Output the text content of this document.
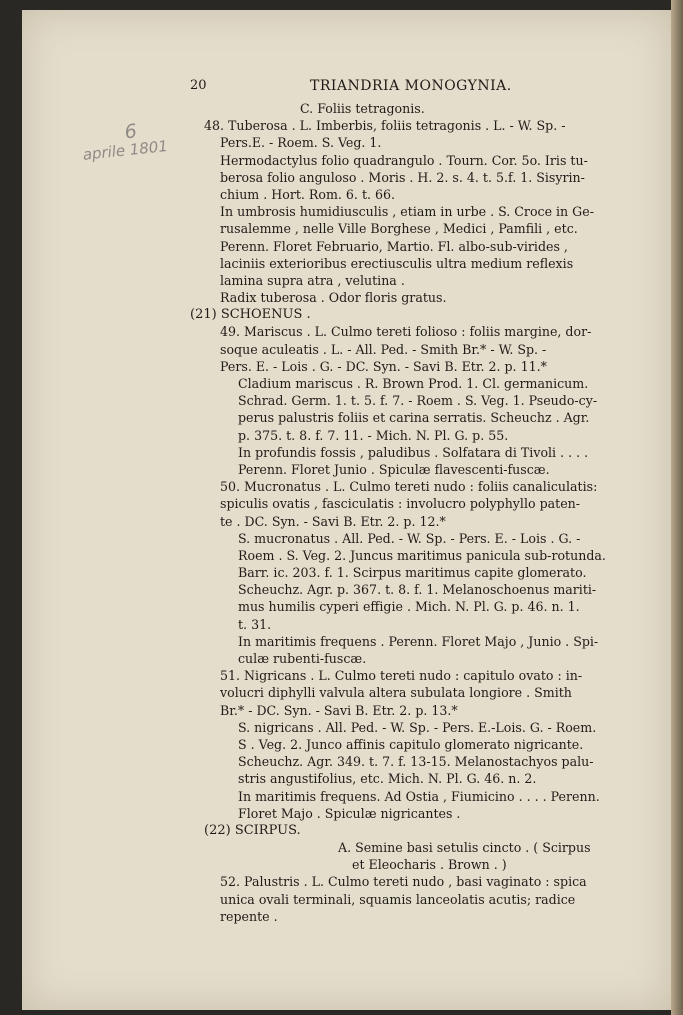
6
aprile 1801
20	TRIANDRIA MONOGYNIA.
C. Foliis tetragonis.
48. Tuberosa . L. Imberbis, foliis tetragonis . L. - W. Sp. -
Pers.E. - Roem. S. Veg. 1.
Hermodactylus folio quadrangulo . Tourn. Cor. 5o. Iris tu-
berosa folio anguloso . Moris . H. 2. s. 4. t. 5.f. 1. Sisyrin-
chium . Hort. Rom. 6. t. 66.
In umbrosis humidiusculis , etiam in urbe . S. Croce in Ge-
rusalemme , nelle Ville Borghese , Medici , Pamfili , etc.
Perenn. Floret Februario, Martio. Fl. albo-sub-virides ,
laciniis exterioribus erectiusculis ultra medium reflexis
lamina supra atra , velutina .
Radix tuberosa . Odor floris gratus.
(21) SCHOENUS .
49. Mariscus . L. Culmo tereti folioso : foliis margine, dor-
soque aculeatis . L. - All. Ped. - Smith Br.* - W. Sp. -
Pers. E. - Lois . G. - DC. Syn. - Savi B. Etr. 2. p. 11.*
Cladium mariscus . R. Brown Prod. 1. Cl. germanicum.
Schrad. Germ. 1. t. 5. f. 7. - Roem . S. Veg. 1. Pseudo-cy-
perus palustris foliis et carina serratis. Scheuchz . Agr.
p. 375. t. 8. f. 7. 11. - Mich. N. Pl. G. p. 55.
In profundis fossis , paludibus . Solfatara di Tivoli . . . .
Perenn. Floret Junio . Spiculæ flavescenti-fuscæ.
50. Mucronatus . L. Culmo tereti nudo : foliis canaliculatis:
spiculis ovatis , fasciculatis : involucro polyphyllo paten-
te . DC. Syn. - Savi B. Etr. 2. p. 12.*
S. mucronatus . All. Ped. - W. Sp. - Pers. E. - Lois . G. -
Roem . S. Veg. 2. Juncus maritimus panicula sub-rotunda.
Barr. ic. 203. f. 1. Scirpus maritimus capite glomerato.
Scheuchz. Agr. p. 367. t. 8. f. 1. Melanoschoenus mariti-
mus humilis cyperi effigie . Mich. N. Pl. G. p. 46. n. 1.
t. 31.
In maritimis frequens . Perenn. Floret Majo , Junio . Spi-
culæ rubenti-fuscæ.
51. Nigricans . L. Culmo tereti nudo : capitulo ovato : in-
volucri diphylli valvula altera subulata longiore . Smith
Br.* - DC. Syn. - Savi B. Etr. 2. p. 13.*
S. nigricans . All. Ped. - W. Sp. - Pers. E.-Lois. G. - Roem.
S . Veg. 2. Junco affinis capitulo glomerato nigricante.
Scheuchz. Agr. 349. t. 7. f. 13-15. Melanostachyos palu-
stris angustifolius, etc. Mich. N. Pl. G. 46. n. 2.
In maritimis frequens. Ad Ostia , Fiumicino . . . . Perenn.
Floret Majo . Spiculæ nigricantes .
(22) SCIRPUS.
A. Semine basi setulis cincto . ( Scirpus
et Eleocharis . Brown . )
52. Palustris . L. Culmo tereti nudo , basi vaginato : spica
unica ovali terminali, squamis lanceolatis acutis; radice
repente .
